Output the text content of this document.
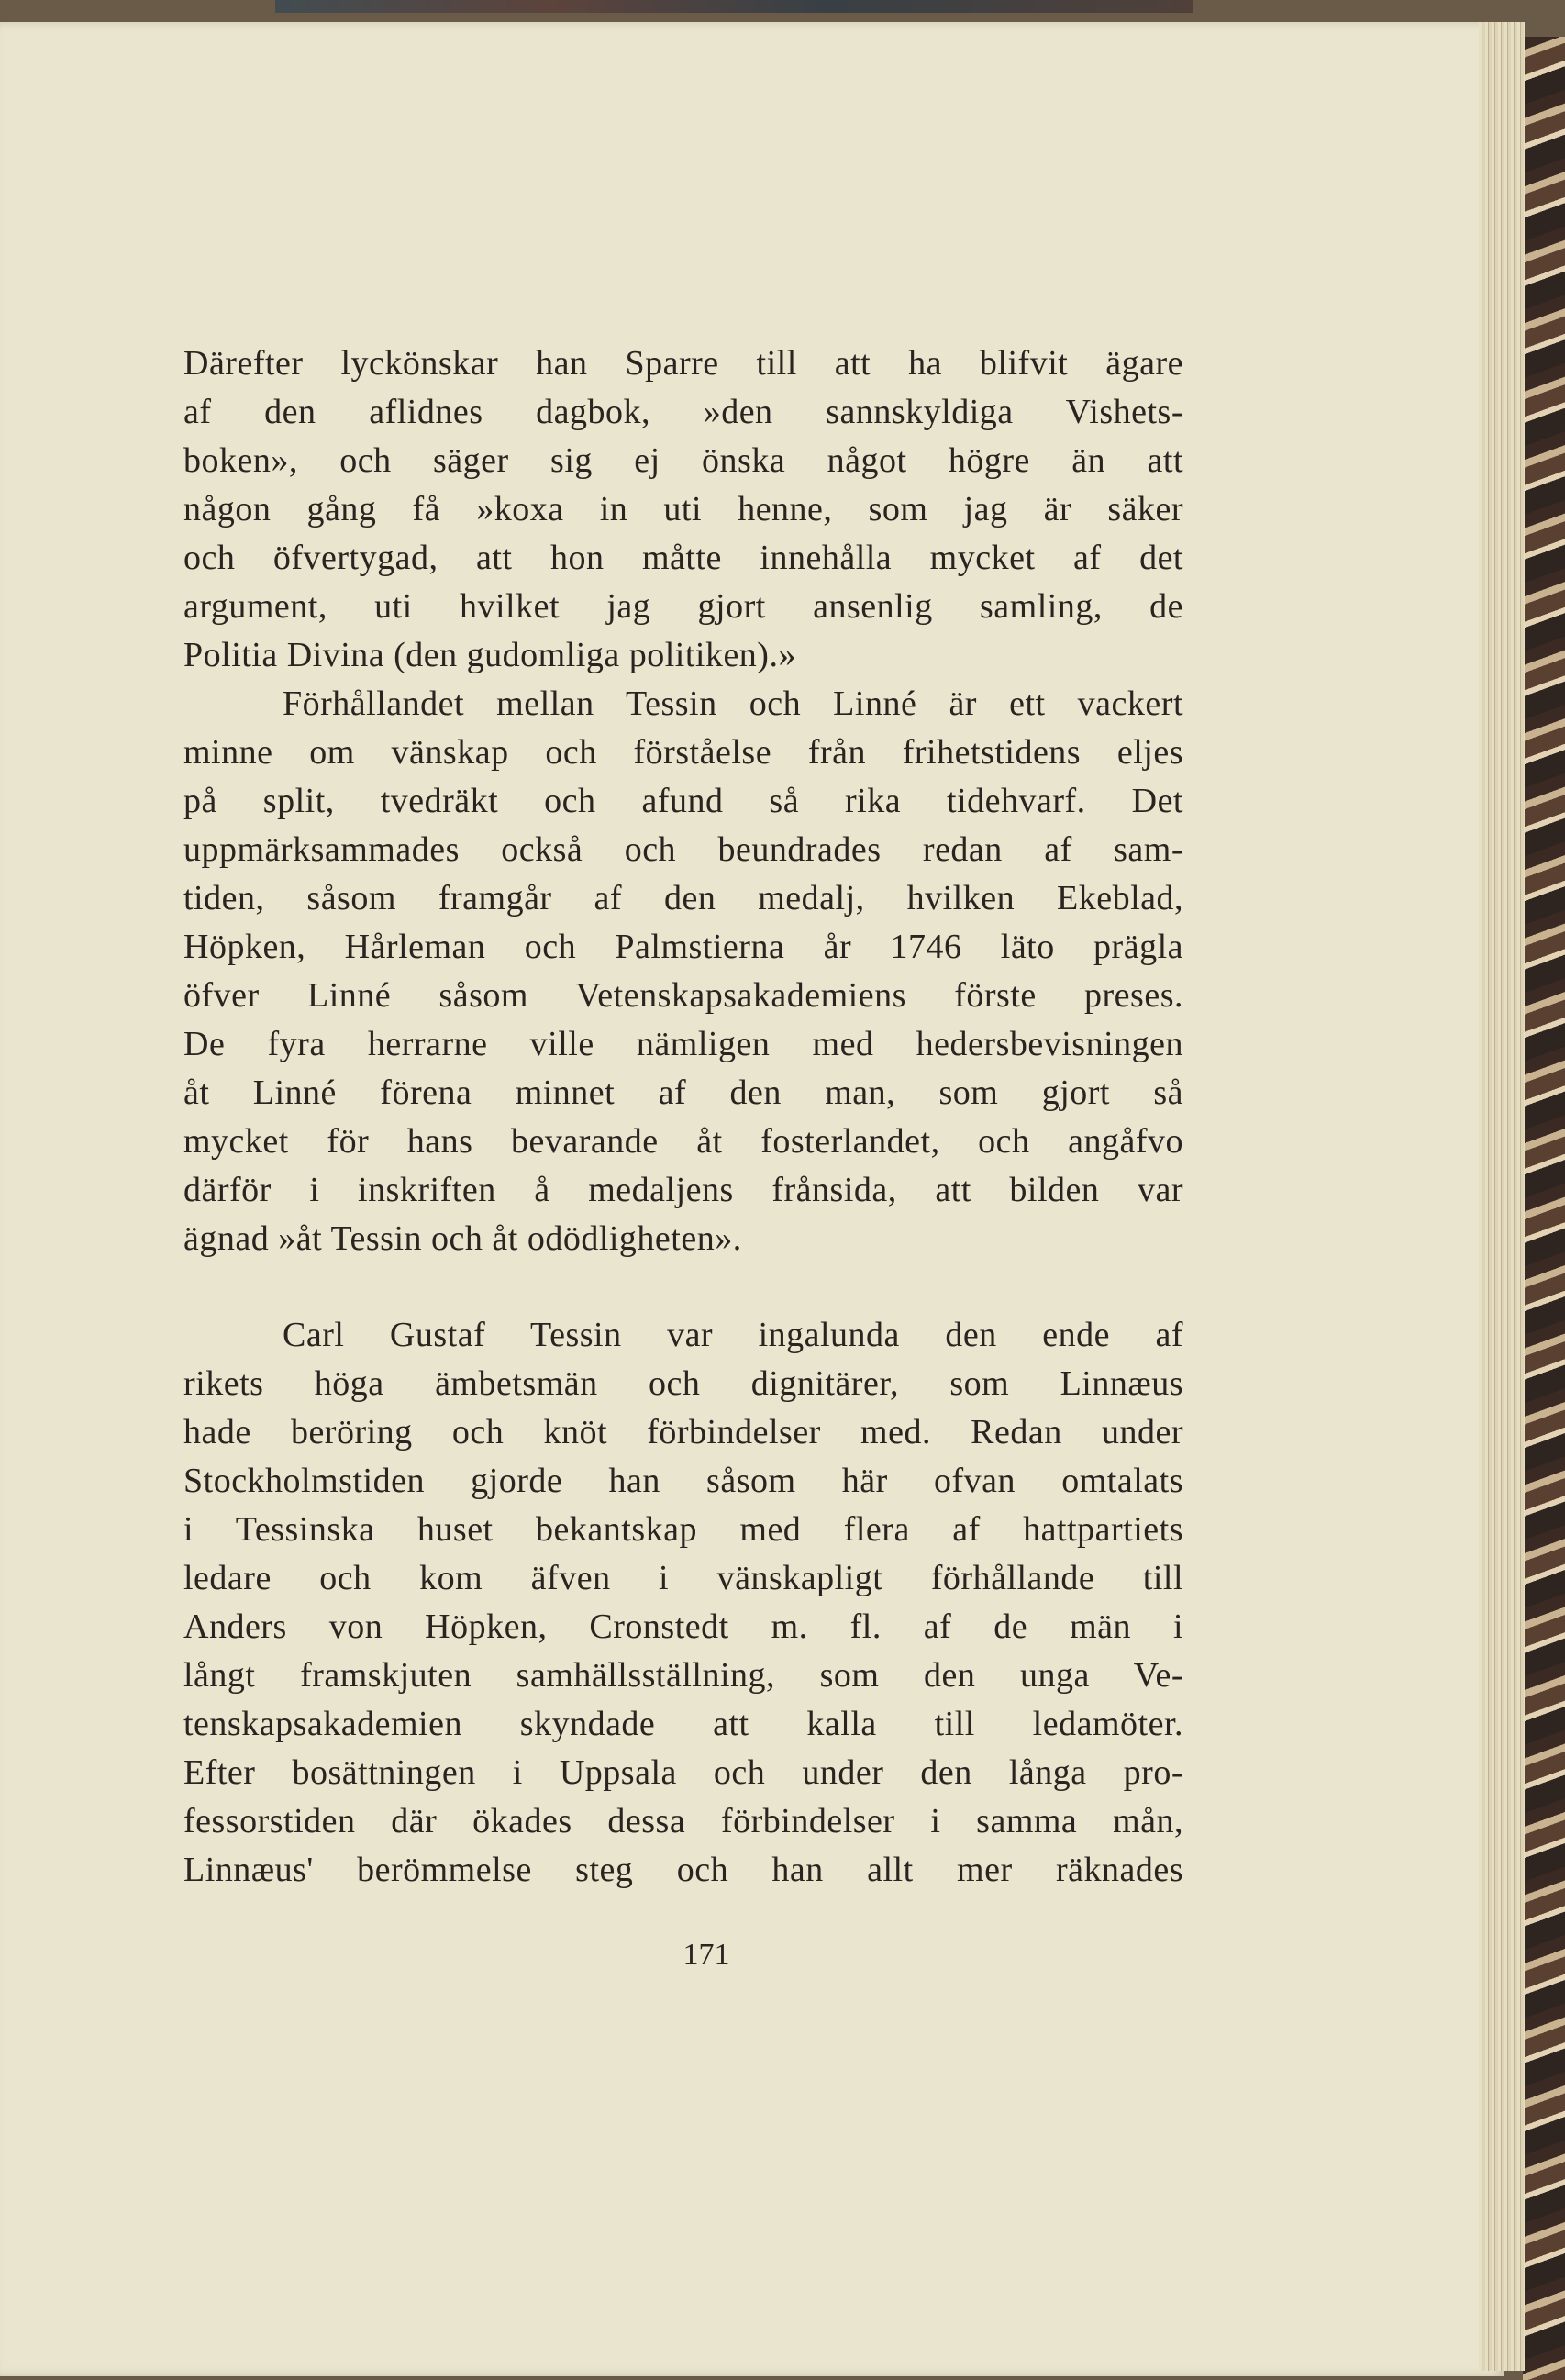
Därefter lyckönskar han Sparre till att ha blifvit ägare
af den aflidnes dagbok, »den sannskyldiga Vishets-
boken», och säger sig ej önska något högre än att
någon gång få »koxa in uti henne, som jag är säker
och öfvertygad, att hon måtte innehålla mycket af det
argument, uti hvilket jag gjort ansenlig samling, de
Politia Divina (den gudomliga politiken).»
Förhållandet mellan Tessin och Linné är ett vackert
minne om vänskap och förståelse från frihetstidens eljes
på split, tvedräkt och afund så rika tidehvarf. Det
uppmärksammades också och beundrades redan af sam-
tiden, såsom framgår af den medalj, hvilken Ekeblad,
Höpken, Hårleman och Palmstierna år 1746 läto prägla
öfver Linné såsom Vetenskapsakademiens förste preses.
De fyra herrarne ville nämligen med hedersbevisningen
åt Linné förena minnet af den man, som gjort så
mycket för hans bevarande åt fosterlandet, och angåfvo
därför i inskriften å medaljens frånsida, att bilden var
ägnad »åt Tessin och åt odödligheten».
Carl Gustaf Tessin var ingalunda den ende af
rikets höga ämbetsmän och dignitärer, som Linnæus
hade beröring och knöt förbindelser med. Redan under
Stockholmstiden gjorde han såsom här ofvan omtalats
i Tessinska huset bekantskap med flera af hattpartiets
ledare och kom äfven i vänskapligt förhållande till
Anders von Höpken, Cronstedt m. fl. af de män i
långt framskjuten samhällsställning, som den unga Ve-
tenskapsakademien skyndade att kalla till ledamöter.
Efter bosättningen i Uppsala och under den långa pro-
fessorstiden där ökades dessa förbindelser i samma mån,
Linnæus' berömmelse steg och han allt mer räknades
171
